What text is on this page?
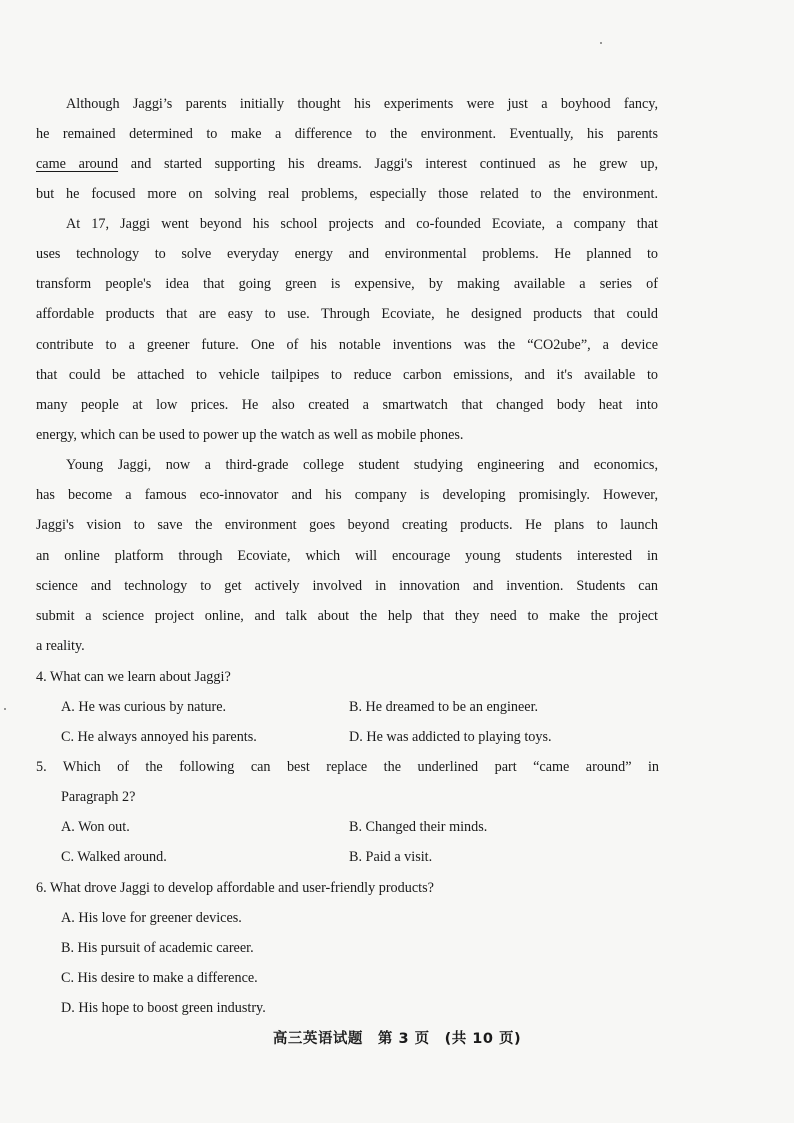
Although Jaggi’s parents initially thought his experiments were just a boyhood fancy,
he remained determined to make a difference to the environment. Eventually, his parents
came around and started supporting his dreams. Jaggi's interest continued as he grew up,
but he focused more on solving real problems, especially those related to the environment.
At 17, Jaggi went beyond his school projects and co-founded Ecoviate, a company that
uses technology to solve everyday energy and environmental problems. He planned to
transform people's idea that going green is expensive, by making available a series of
affordable products that are easy to use. Through Ecoviate, he designed products that could
contribute to a greener future. One of his notable inventions was the “CO2ube”, a device
that could be attached to vehicle tailpipes to reduce carbon emissions, and it's available to
many people at low prices. He also created a smartwatch that changed body heat into
energy, which can be used to power up the watch as well as mobile phones.
Young Jaggi, now a third-grade college student studying engineering and economics,
has become a famous eco-innovator and his company is developing promisingly. However,
Jaggi's vision to save the environment goes beyond creating products. He plans to launch
an online platform through Ecoviate, which will encourage young students interested in
science and technology to get actively involved in innovation and invention. Students can
submit a science project online, and talk about the help that they need to make the project
a reality.
4. What can we learn about Jaggi?
A. He was curious by nature.	B. He dreamed to be an engineer.
C. He always annoyed his parents.	D. He was addicted to playing toys.
5. Which of the following can best replace the underlined part “came around” in
Paragraph 2?
A. Won out.	B. Changed their minds.
C. Walked around.	B. Paid a visit.
6. What drove Jaggi to develop affordable and user-friendly products?
A. His love for greener devices.
B. His pursuit of academic career.
C. His desire to make a difference.
D. His hope to boost green industry.
高三英语试题　第 3 页　(共 10 页)
